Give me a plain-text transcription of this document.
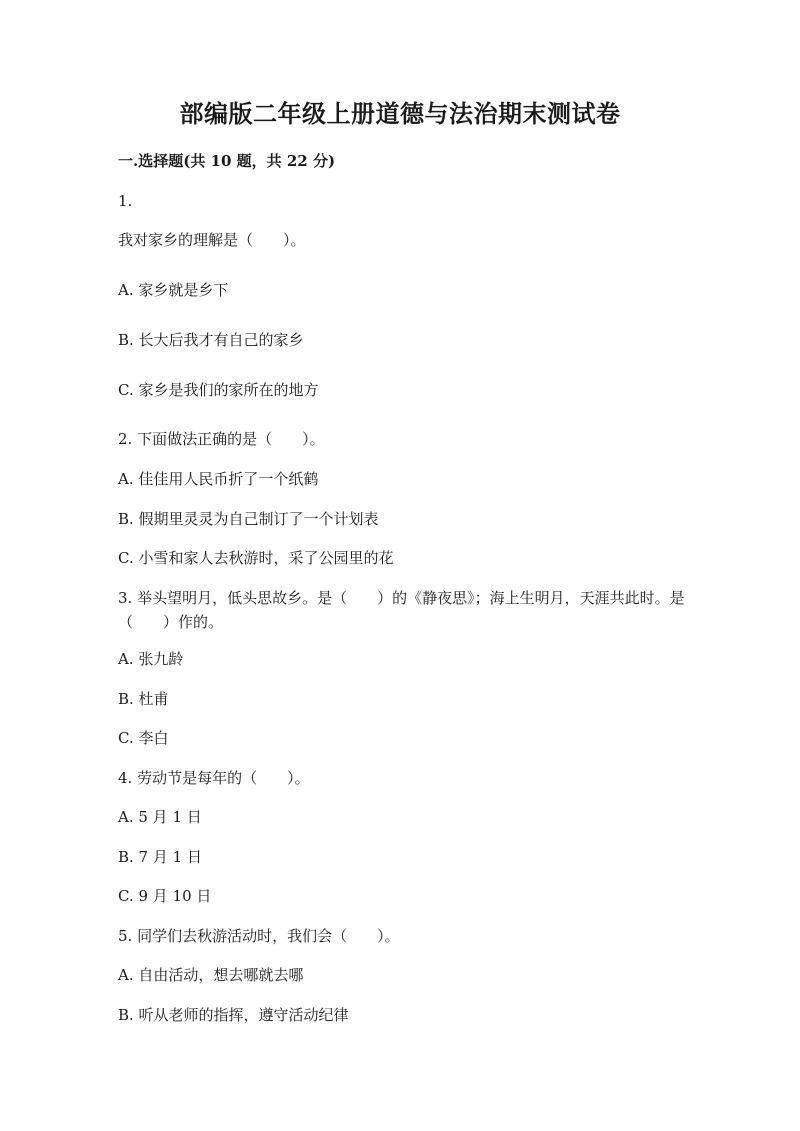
部编版二年级上册道德与法治期末测试卷
一.选择题(共 10 题，共 22 分)
1.
我对家乡的理解是（　　）。
A. 家乡就是乡下
B. 长大后我才有自己的家乡
C. 家乡是我们的家所在的地方
2. 下面做法正确的是（　　）。
A. 佳佳用人民币折了一个纸鹤
B. 假期里灵灵为自己制订了一个计划表
C. 小雪和家人去秋游时，采了公园里的花
3. 举头望明月，低头思故乡。是（　　）的《静夜思》；海上生明月，天涯共此时。是（　　）作的。
A. 张九龄
B. 杜甫
C. 李白
4. 劳动节是每年的（　　）。
A. 5 月 1 日
B. 7 月 1 日
C. 9 月 10 日
5. 同学们去秋游活动时，我们会（　　）。
A. 自由活动，想去哪就去哪
B. 听从老师的指挥，遵守活动纪律
